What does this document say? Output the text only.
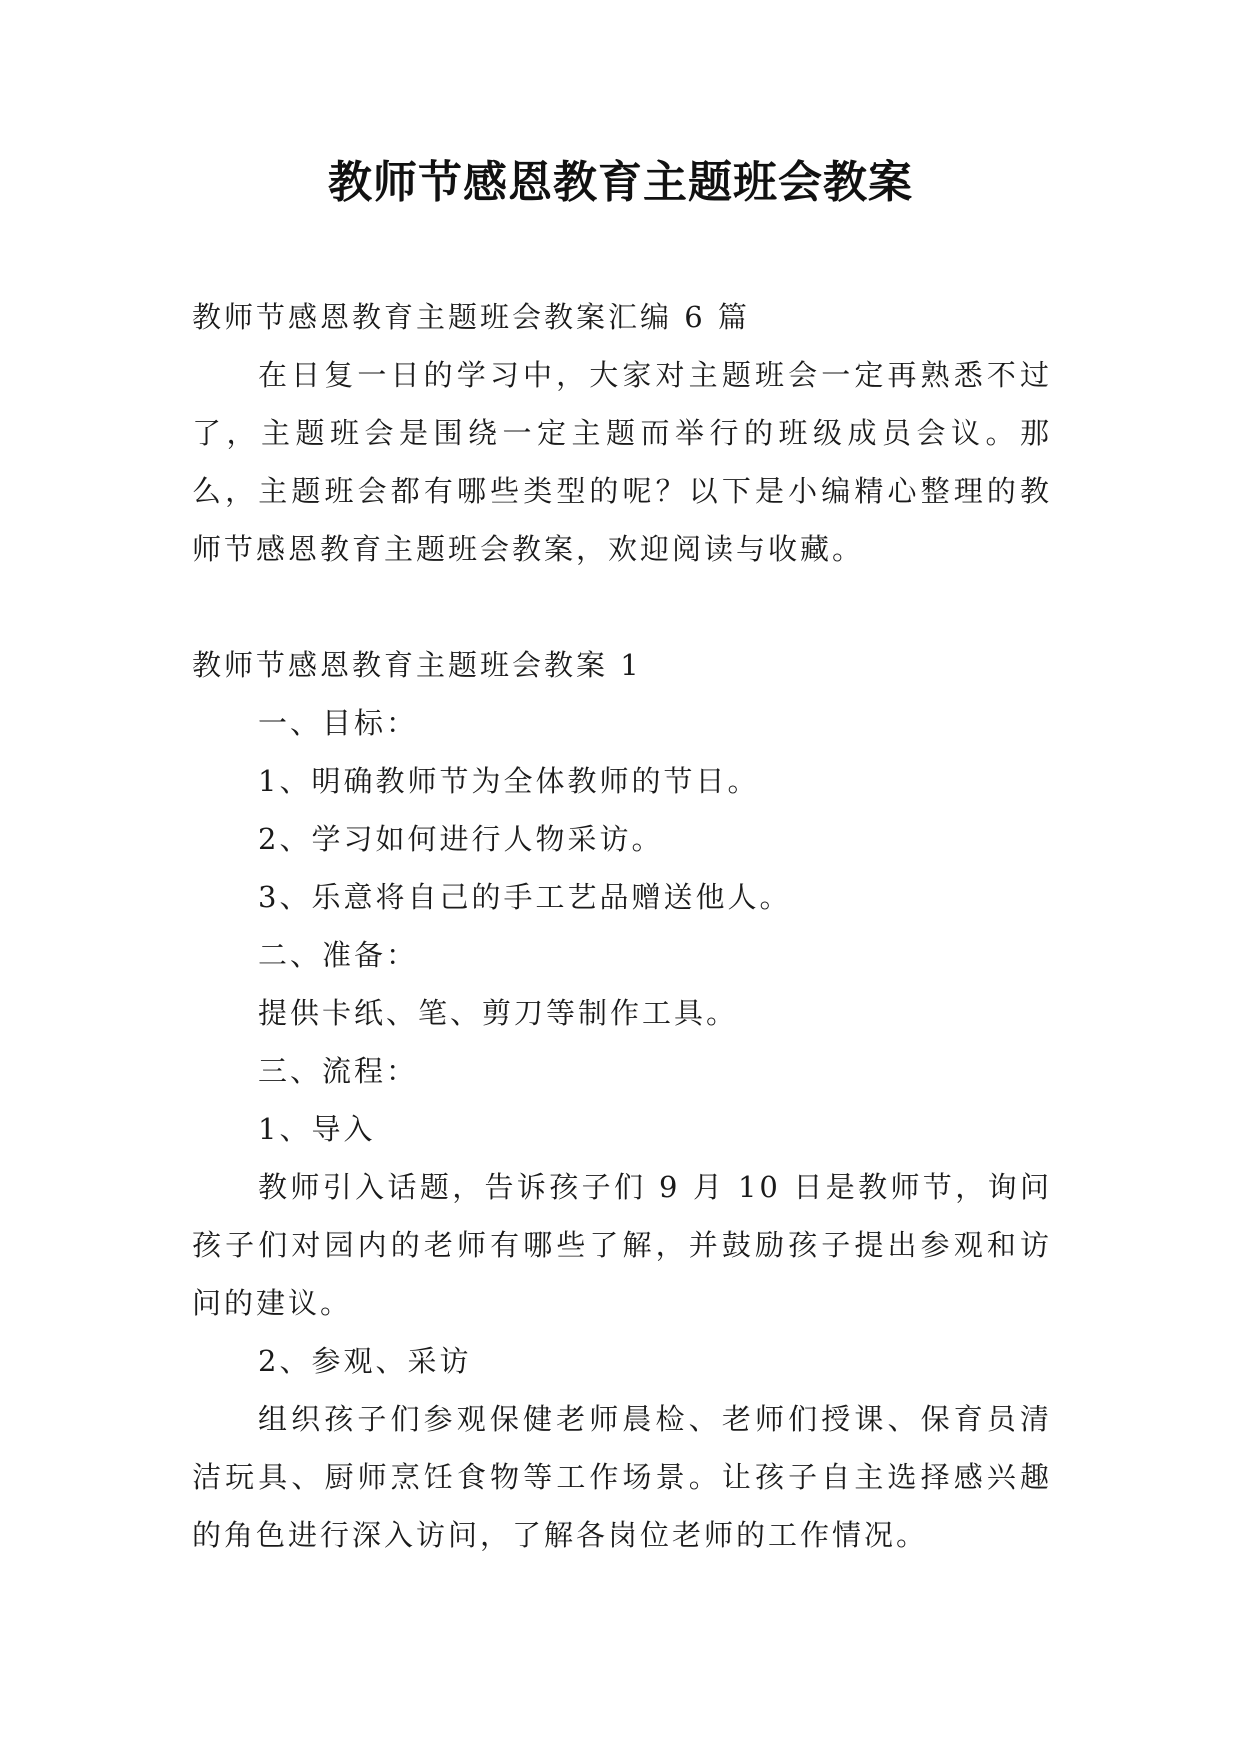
教师节感恩教育主题班会教案

教师节感恩教育主题班会教案汇编 6 篇

在日复一日的学习中，大家对主题班会一定再熟悉不过了，主题班会是围绕一定主题而举行的班级成员会议。那么，主题班会都有哪些类型的呢？以下是小编精心整理的教师节感恩教育主题班会教案，欢迎阅读与收藏。

教师节感恩教育主题班会教案 1

一、目标：

1、明确教师节为全体教师的节日。

2、学习如何进行人物采访。

3、乐意将自己的手工艺品赠送他人。

二、准备：

提供卡纸、笔、剪刀等制作工具。

三、流程：

1、导入

教师引入话题，告诉孩子们 9 月 10 日是教师节，询问孩子们对园内的老师有哪些了解，并鼓励孩子提出参观和访问的建议。

2、参观、采访

组织孩子们参观保健老师晨检、老师们授课、保育员清洁玩具、厨师烹饪食物等工作场景。让孩子自主选择感兴趣的角色进行深入访问，了解各岗位老师的工作情况。
